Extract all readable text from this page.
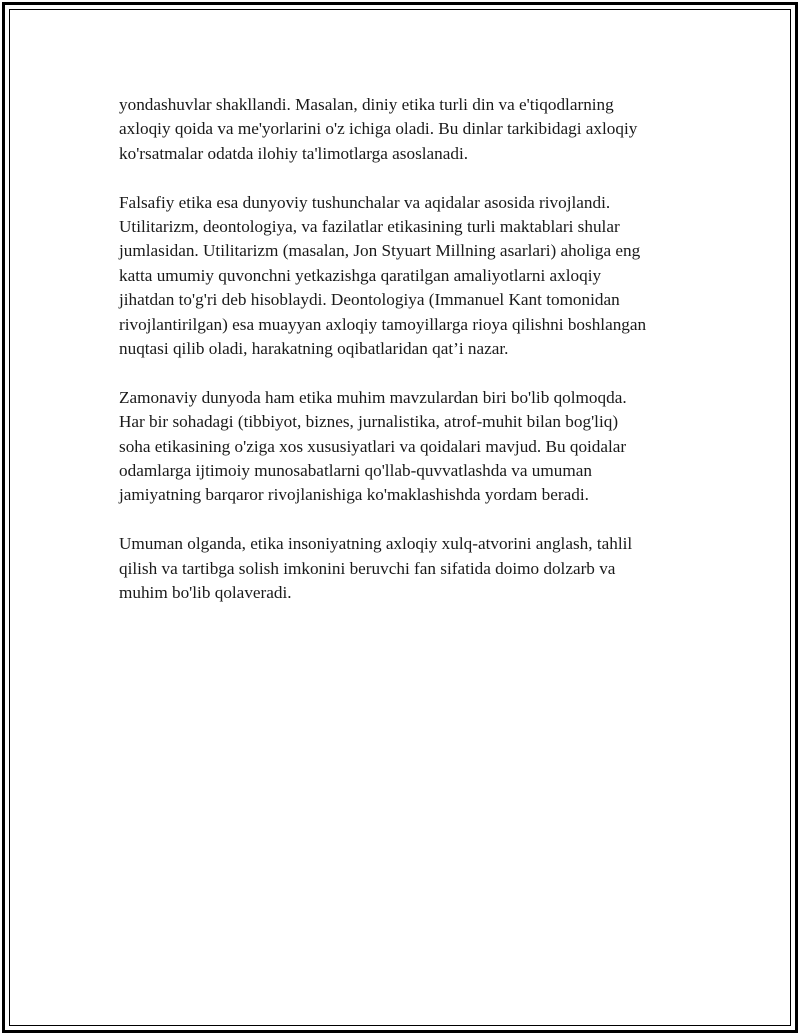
yondashuvlar shakllandi. Masalan, diniy etika turli din va e'tiqodlarning
axloqiy qoida va me'yorlarini o'z ichiga oladi. Bu dinlar tarkibidagi axloqiy
ko'rsatmalar odatda ilohiy ta'limotlarga asoslanadi.

Falsafiy etika esa dunyoviy tushunchalar va aqidalar asosida rivojlandi.
Utilitarizm, deontologiya, va fazilatlar etikasining turli maktablari shular
jumlasidan. Utilitarizm (masalan, Jon Styuart Millning asarlari) aholiga eng
katta umumiy quvonchni yetkazishga qaratilgan amaliyotlarni axloqiy
jihatdan to'g'ri deb hisoblaydi. Deontologiya (Immanuel Kant tomonidan
rivojlantirilgan) esa muayyan axloqiy tamoyillarga rioya qilishni boshlangan
nuqtasi qilib oladi, harakatning oqibatlaridan qat’i nazar.

Zamonaviy dunyoda ham etika muhim mavzulardan biri bo'lib qolmoqda.
Har bir sohadagi (tibbiyot, biznes, jurnalistika, atrof-muhit bilan bog'liq)
soha etikasining o'ziga xos xususiyatlari va qoidalari mavjud. Bu qoidalar
odamlarga ijtimoiy munosabatlarni qo'llab-quvvatlashda va umuman
jamiyatning barqaror rivojlanishiga ko'maklashishda yordam beradi.

Umuman olganda, etika insoniyatning axloqiy xulq-atvorini anglash, tahlil
qilish va tartibga solish imkonini beruvchi fan sifatida doimo dolzarb va
muhim bo'lib qolaveradi.
